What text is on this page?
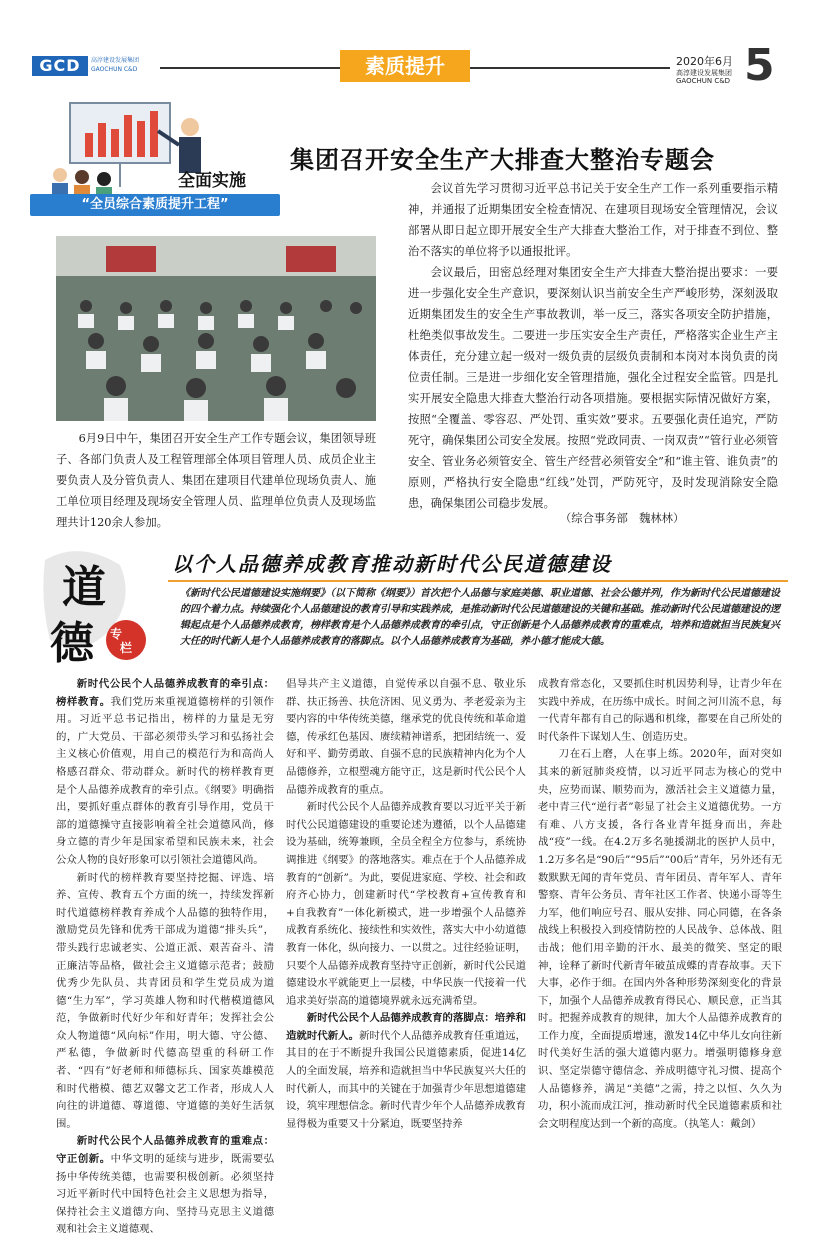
GCD	高淳建设发展集团
GAOCHUN C&D	素质提升	2020年6月
高淳建设发展集团
GAOCHUN C&D 5
全面实施
“全员综合素质提升工程”
集团召开安全生产大排查大整治专题会

6月9日中午，集团召开安全生产工作专题会议，集团领导班子、各部门负责人及工程管理部全体项目管理人员、成员企业主要负责人及分管负责人、集团在建项目代建单位现场负责人、施工单位项目经理及现场安全管理人员、监理单位负责人及现场监理共计120余人参加。

会议首先学习贯彻习近平总书记关于安全生产工作一系列重要指示精神，并通报了近期集团安全检查情况、在建项目现场安全管理情况，会议部署从即日起立即开展安全生产大排查大整治工作，对于排查不到位、整治不落实的单位将予以通报批评。

会议最后，田密总经理对集团安全生产大排查大整治提出要求：一要进一步强化安全生产意识，要深刻认识当前安全生产严峻形势，深刻汲取近期集团发生的安全生产事故教训，举一反三，落实各项安全防护措施，杜绝类似事故发生。二要进一步压实安全生产责任，严格落实企业生产主体责任，充分建立起一级对一级负责的层级负责制和本岗对本岗负责的岗位责任制。三是进一步细化安全管理措施，强化全过程安全监管。四是扎实开展安全隐患大排查大整治行动各项措施。要根据实际情况做好方案，按照“全覆盖、零容忍、严处罚、重实效”要求。五要强化责任追究，严防死守，确保集团公司安全发展。按照“党政同责、一岗双责”“管行业必须管安全、管业务必须管安全、管生产经营必须管安全”和“谁主管、谁负责”的原则，严格执行安全隐患“红线”处罚，严防死守，及时发现消除安全隐患，确保集团公司稳步发展。

（综合事务部　魏林林）
道
德 专
栏
以个人品德养成教育推动新时代公民道德建设
《新时代公民道德建设实施纲要》（以下简称《纲要》）首次把个人品德与家庭美德、职业道德、社会公德并列，作为新时代公民道德建设的四个着力点。持续强化个人品德建设的教育引导和实践养成，是推动新时代公民道德建设的关键和基础。推动新时代公民道德建设的逻辑起点是个人品德养成教育，榜样教育是个人品德养成教育的牵引点，守正创新是个人品德养成教育的重难点，培养和造就担当民族复兴大任的时代新人是个人品德养成教育的落脚点。以个人品德养成教育为基础，养小德才能成大德。

新时代公民个人品德养成教育的牵引点：榜样教育。我们党历来重视道德榜样的引领作用。习近平总书记指出，榜样的力量是无穷的，广大党员、干部必须带头学习和弘扬社会主义核心价值观，用自己的模范行为和高尚人格感召群众、带动群众。新时代的榜样教育更是个人品德养成教育的牵引点。《纲要》明确指出，要抓好重点群体的教育引导作用，党员干部的道德操守直接影响着全社会道德风尚，修身立德的青少年是国家希望和民族未来，社会公众人物的良好形象可以引领社会道德风尚。

新时代的榜样教育要坚持挖掘、评选、培养、宣传、教育五个方面的统一，持续发挥新时代道德榜样教育养成个人品德的独特作用，激励党员先锋和优秀干部成为道德“排头兵”，带头践行忠诚老实、公道正派、艰苦奋斗、清正廉洁等品格，做社会主义道德示范者；鼓励优秀少先队员、共青团员和学生党员成为道德“生力军”，学习英雄人物和时代楷模道德风范，争做新时代好少年和好青年；发挥社会公众人物道德“风向标”作用，明大德、守公德、严私德，争做新时代德高望重的科研工作者、“四有”好老师和师德标兵、国家英雄模范和时代楷模、德艺双馨文艺工作者，形成人人向往的讲道德、尊道德、守道德的美好生活氛围。

新时代公民个人品德养成教育的重难点：守正创新。中华文明的延续与进步，既需要弘扬中华传统美德，也需要积极创新。必须坚持习近平新时代中国特色社会主义思想为指导，保持社会主义道德方向、坚持马克思主义道德观和社会主义道德观、

倡导共产主义道德，自觉传承以自强不息、敬业乐群、扶正扬善、扶危济困、见义勇为、孝老爱亲为主要内容的中华传统美德，继承党的优良传统和革命道德，传承红色基因、赓续精神谱系，把团结统一、爱好和平、勤劳勇敢、自强不息的民族精神内化为个人品德修养，立根塑魂方能守正，这是新时代公民个人品德养成教育的重点。

新时代公民个人品德养成教育要以习近平关于新时代公民道德建设的重要论述为遵循，以个人品德建设为基础，统筹兼顾，全员全程全方位参与，系统协调推进《纲要》的落地落实。难点在于个人品德养成教育的“创新”。为此，要促进家庭、学校、社会和政府齐心协力，创建新时代“学校教育+宣传教育和+自我教育”一体化新模式，进一步增强个人品德养成教育系统化、接续性和实效性，落实大中小幼道德教育一体化，纵向接力、一以贯之。过往经验证明，只要个人品德养成教育坚持守正创新，新时代公民道德建设水平就能更上一层楼，中华民族一代接着一代追求美好崇高的道德境界就永远充满希望。

新时代公民个人品德养成教育的落脚点：培养和造就时代新人。新时代个人品德养成教育任重道远，其目的在于不断提升我国公民道德素质，促进14亿人的全面发展，培养和造就担当中华民族复兴大任的时代新人，而其中的关键在于加强青少年思想道德建设，筑牢理想信念。新时代青少年个人品德养成教育显得极为重要又十分紧迫，既要坚持养

成教育常态化，又要抓住时机因势利导，让青少年在实践中养成，在历练中成长。时间之河川流不息，每一代青年都有自己的际遇和机缘，都要在自己所处的时代条件下谋划人生、创造历史。

刀在石上磨，人在事上练。2020年，面对突如其来的新冠肺炎疫情，以习近平同志为核心的党中央，应势而谋、顺势而为，激活社会主义道德力量，老中青三代“逆行者”彰显了社会主义道德优势。一方有难、八方支援，各行各业青年挺身而出，奔赴战“疫”一线。在4.2万多名驰援湖北的医护人员中，1.2万多名是“90后”“95后”“00后”青年，另外还有无数默默无闻的青年党员、青年团员、青年军人、青年警察、青年公务员、青年社区工作者、快递小哥等生力军，他们响应号召、服从安排、同心同德，在各条战线上积极投入到疫情防控的人民战争、总体战、阻击战；他们用辛勤的汗水、最美的微笑、坚定的眼神，诠释了新时代新青年破茧成蝶的青春故事。天下大事，必作于细。在国内外各种形势深刻变化的背景下，加强个人品德养成教育得民心、顺民意，正当其时。把握养成教育的规律，加大个人品德养成教育的工作力度，全面提质增速，激发14亿中华儿女向往新时代美好生活的强大道德内驱力。增强明德修身意识、坚定崇德守德信念、养成明德守礼习惯、提高个人品德修养，满足“美德”之需，持之以恒、久久为功，积小流而成江河，推动新时代全民道德素质和社会文明程度达到一个新的高度。（执笔人：戴剑）
